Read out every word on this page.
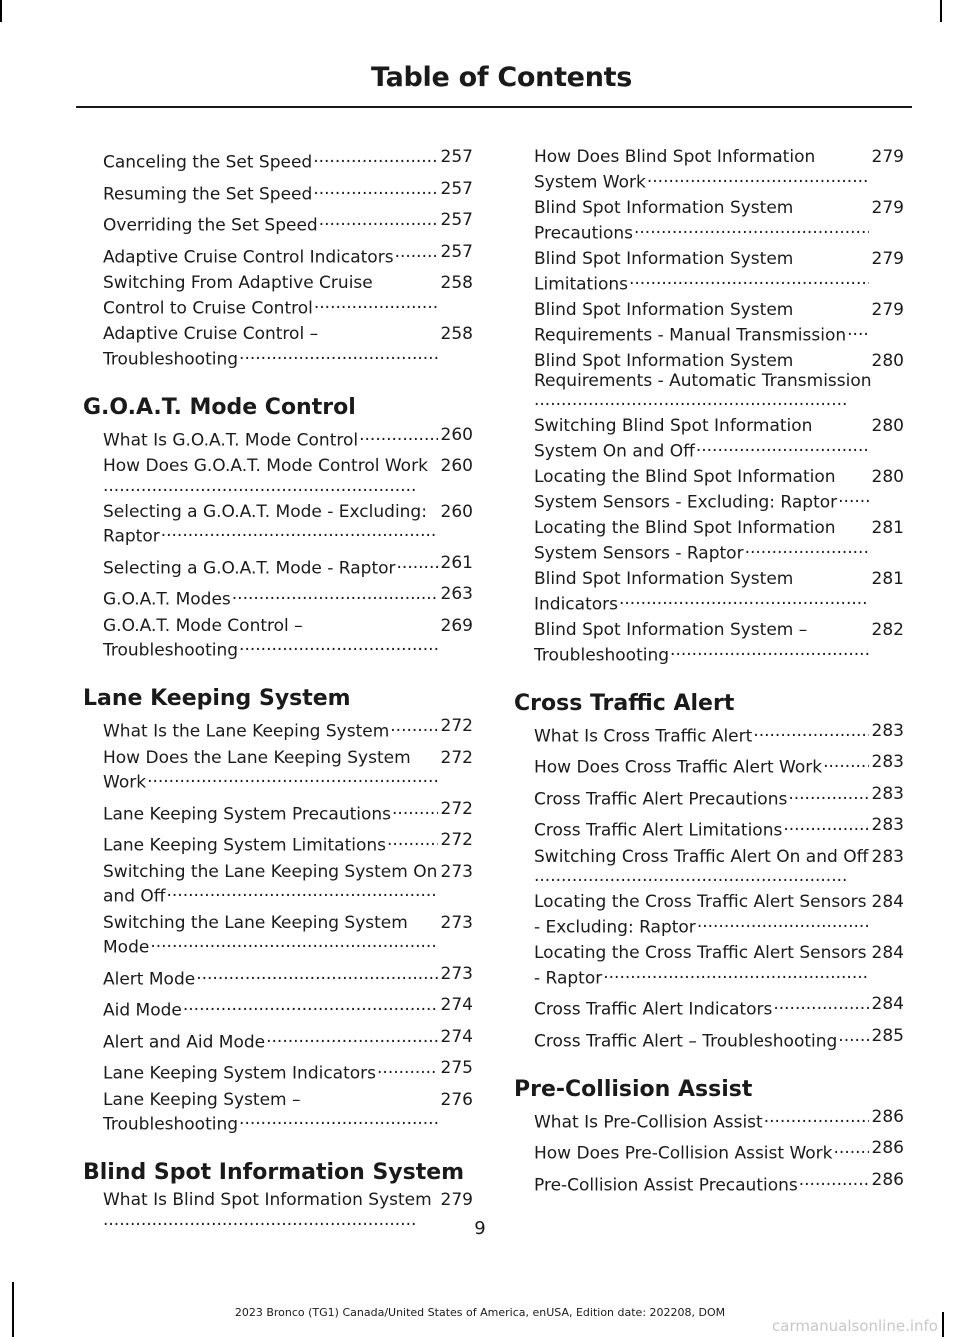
Table of Contents
257
Canceling the Set Speed.....
257
Resuming the Set Speed.....
257
Overriding the Set Speed.....
257
Adaptive Cruise Control Indicators.....
258
Switching From Adaptive Cruise Control to Cruise Control.....
258
Adaptive Cruise Control – Troubleshooting.....
G.O.A.T. Mode Control
260
What Is G.O.A.T. Mode Control.....
260
How Does G.O.A.T. Mode Control Work
.....
260
Selecting a G.O.A.T. Mode - Excluding: Raptor.....
261
Selecting a G.O.A.T. Mode - Raptor.....
263
G.O.A.T. Modes.....
269
G.O.A.T. Mode Control – Troubleshooting.....
Lane Keeping System
272
What Is the Lane Keeping System.....
272
How Does the Lane Keeping System Work.....
272
Lane Keeping System Precautions.....
272
Lane Keeping System Limitations.....
273
Switching the Lane Keeping System On and Off.....
273
Switching the Lane Keeping System Mode.....
273
Alert Mode.....
274
Aid Mode.....
274
Alert and Aid Mode.....
275
Lane Keeping System Indicators.....
276
Lane Keeping System – Troubleshooting.....
Blind Spot Information System
279
What Is Blind Spot Information System
.....
279
How Does Blind Spot Information System Work.....
279
Blind Spot Information System Precautions.....
279
Blind Spot Information System Limitations.....
279
Blind Spot Information System Requirements - Manual Transmission.....
280
Blind Spot Information System Requirements - Automatic Transmission
.....
280
Switching Blind Spot Information System On and Off.....
280
Locating the Blind Spot Information System Sensors - Excluding: Raptor.....
281
Locating the Blind Spot Information System Sensors - Raptor.....
281
Blind Spot Information System Indicators.....
282
Blind Spot Information System – Troubleshooting.....
Cross Traffic Alert
283
What Is Cross Traffic Alert.....
283
How Does Cross Traffic Alert Work.....
283
Cross Traffic Alert Precautions.....
283
Cross Traffic Alert Limitations.....
283
Switching Cross Traffic Alert On and Off
.....
284
Locating the Cross Traffic Alert Sensors - Excluding: Raptor.....
284
Locating the Cross Traffic Alert Sensors - Raptor.....
284
Cross Traffic Alert Indicators.....
285
Cross Traffic Alert – Troubleshooting.....
Pre-Collision Assist
286
What Is Pre-Collision Assist.....
286
How Does Pre-Collision Assist Work.....
286
Pre-Collision Assist Precautions.....
9
2023 Bronco (TG1) Canada/United States of America, enUSA, Edition date: 202208, DOM
carmanualsonline.info
